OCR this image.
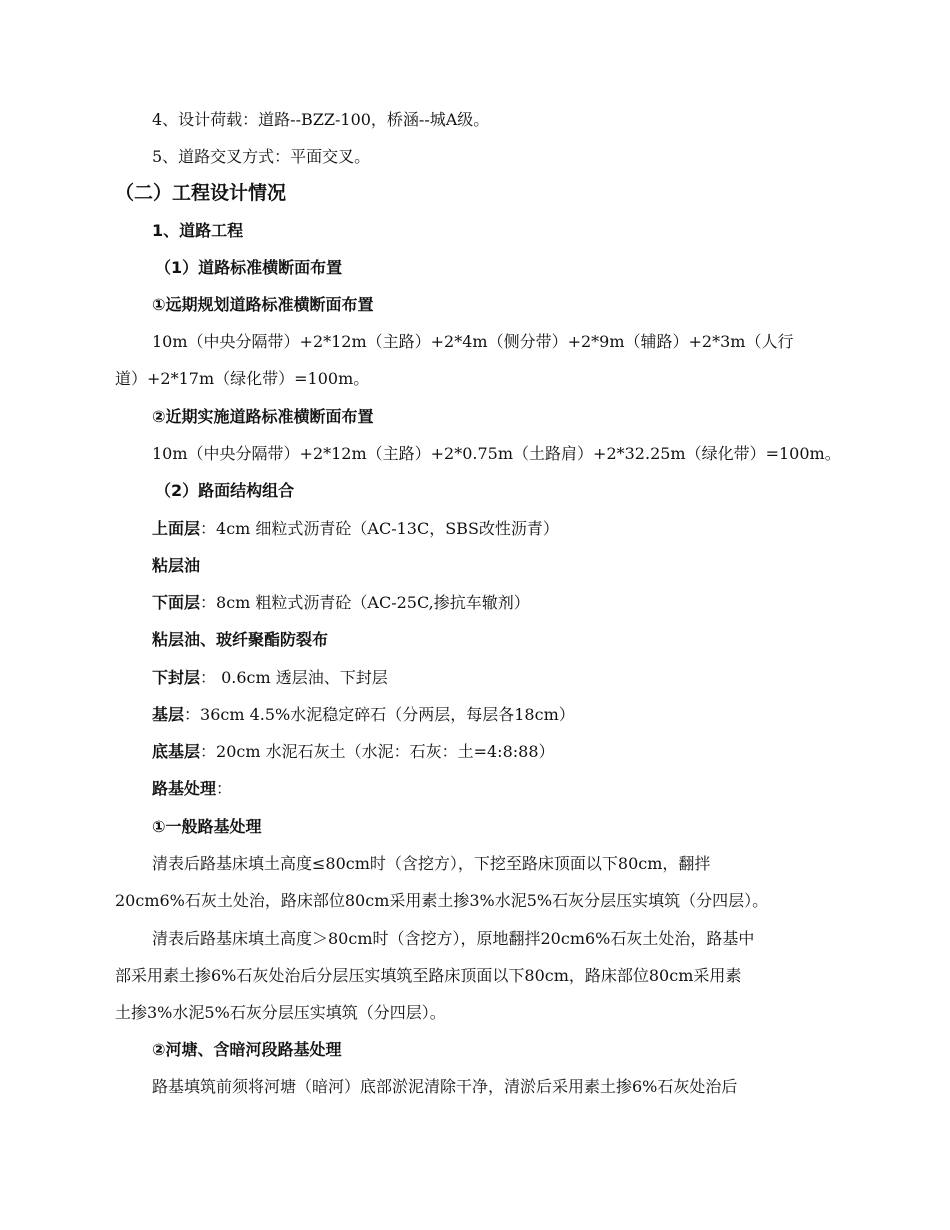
4、设计荷载：道路--BZZ-100，桥涵--城A级。
5、道路交叉方式：平面交叉。
（二）工程设计情况
1、道路工程
（1）道路标准横断面布置
①远期规划道路标准横断面布置
10m（中央分隔带）+2*12m（主路）+2*4m（侧分带）+2*9m（辅路）+2*3m（人行
道）+2*17m（绿化带）=100m。
②近期实施道路标准横断面布置
10m（中央分隔带）+2*12m（主路）+2*0.75m（土路肩）+2*32.25m（绿化带）=100m。
（2）路面结构组合
上面层：4cm 细粒式沥青砼（AC-13C，SBS改性沥青）
粘层油
下面层：8cm 粗粒式沥青砼（AC-25C,掺抗车辙剂）
粘层油、玻纤聚酯防裂布
下封层： 0.6cm 透层油、下封层
基层：36cm 4.5%水泥稳定碎石（分两层，每层各18cm）
底基层：20cm 水泥石灰土（水泥：石灰：土=4:8:88）
路基处理：
①一般路基处理
清表后路基床填土高度≤80cm时（含挖方），下挖至路床顶面以下80cm，翻拌
20cm6%石灰土处治，路床部位80cm采用素土掺3%水泥5%石灰分层压实填筑（分四层）。
清表后路基床填土高度＞80cm时（含挖方），原地翻拌20cm6%石灰土处治，路基中
部采用素土掺6%石灰处治后分层压实填筑至路床顶面以下80cm，路床部位80cm采用素
土掺3%水泥5%石灰分层压实填筑（分四层）。
②河塘、含暗河段路基处理
路基填筑前须将河塘（暗河）底部淤泥清除干净，清淤后采用素土掺6%石灰处治后
